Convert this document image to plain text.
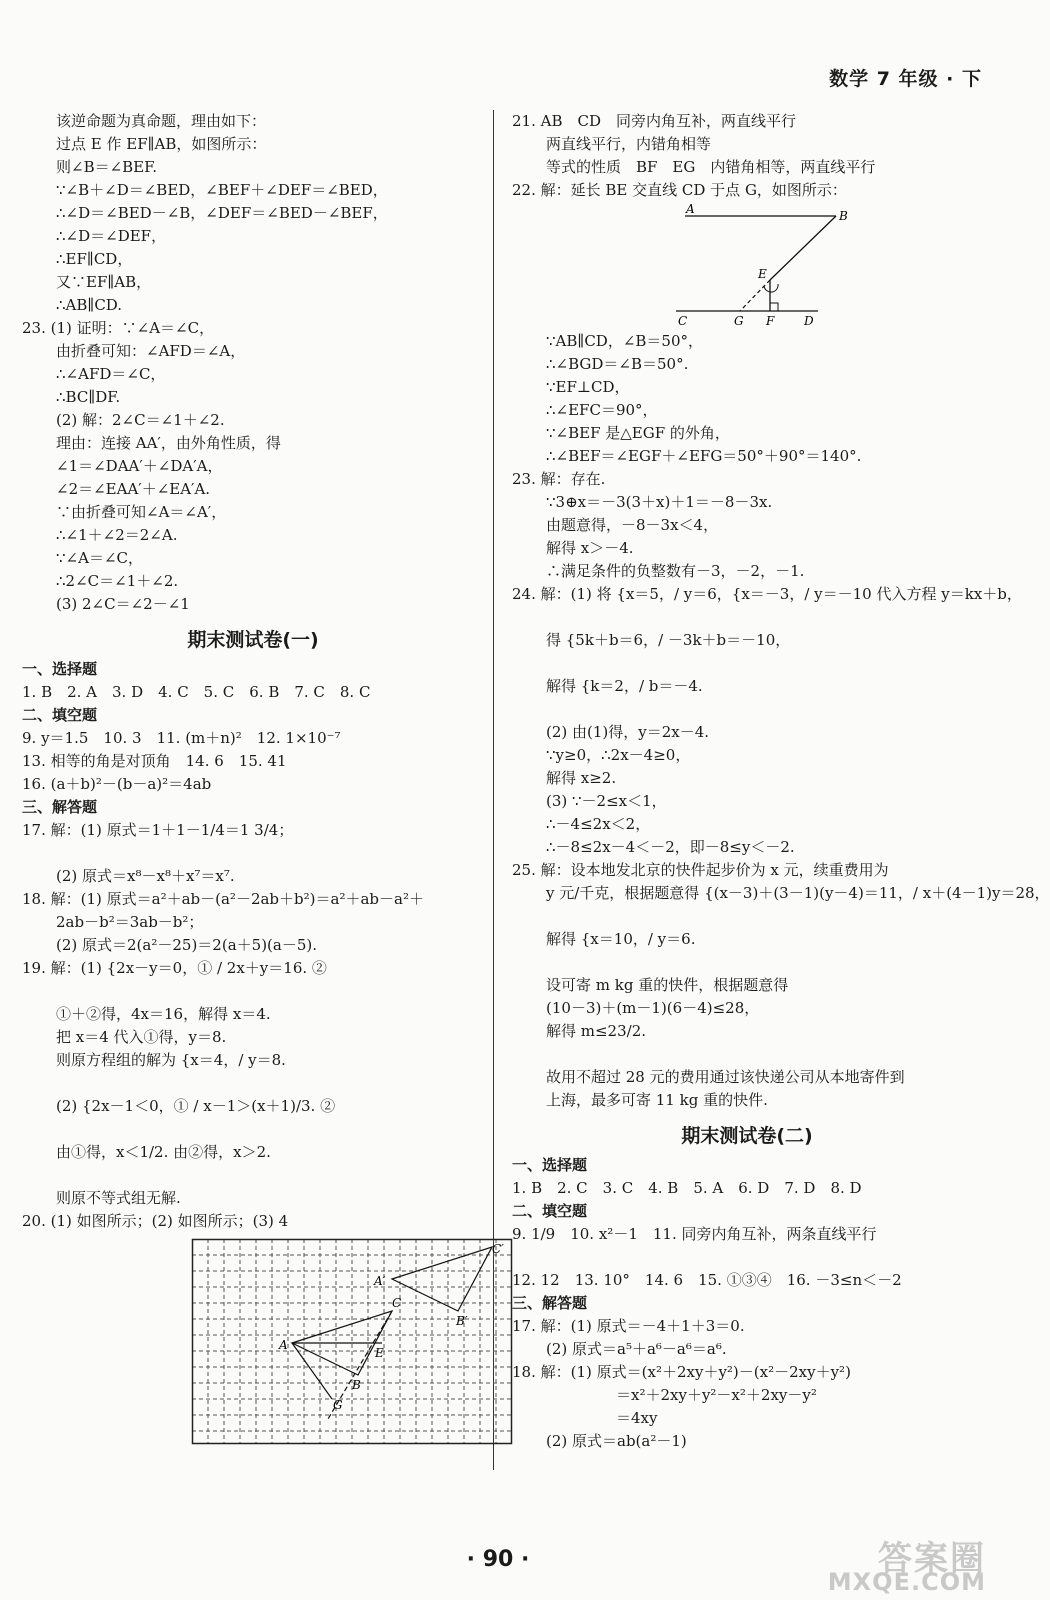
数学 7 年级 · 下
该逆命题为真命题，理由如下：
过点 E 作 EF∥AB，如图所示：
则∠B＝∠BEF.
∵∠B＋∠D＝∠BED，∠BEF＋∠DEF＝∠BED，
∴∠D＝∠BED－∠B，∠DEF＝∠BED－∠BEF，
∴∠D＝∠DEF，
∴EF∥CD，
又∵EF∥AB，
∴AB∥CD.
23. (1) 证明：∵∠A＝∠C，
由折叠可知：∠AFD＝∠A，
∴∠AFD＝∠C，
∴BC∥DF.
(2) 解：2∠C＝∠1＋∠2.
理由：连接 AA′，由外角性质，得
∠1＝∠DAA′＋∠DA′A，
∠2＝∠EAA′＋∠EA′A.
∵由折叠可知∠A＝∠A′，
∴∠1＋∠2＝2∠A.
∵∠A＝∠C，
∴2∠C＝∠1＋∠2.
(3) 2∠C＝∠2－∠1
期末测试卷(一)
一、选择题
1. B　2. A　3. D　4. C　5. C　6. B　7. C　8. C
二、填空题
9. y＝1.5　10. 3　11. (m＋n)²　12. 1×10⁻⁷
13. 相等的角是对顶角　14. 6　15. 41
16. (a＋b)²－(b－a)²＝4ab
三、解答题
17. 解：(1) 原式＝1＋1－1/4＝1 3/4；
(2) 原式＝x⁸－x⁸＋x⁷＝x⁷.
18. 解：(1) 原式＝a²＋ab－(a²－2ab＋b²)＝a²＋ab－a²＋
2ab－b²＝3ab－b²；
(2) 原式＝2(a²－25)＝2(a＋5)(a－5).
19. 解：(1) {2x－y＝0，① / 2x＋y＝16. ②
①＋②得，4x＝16，解得 x＝4.
把 x＝4 代入①得，y＝8.
则原方程组的解为 {x＝4，/ y＝8.
(2) {2x－1＜0，① / x－1＞(x＋1)/3. ②
由①得，x＜1/2. 由②得，x＞2.
则原不等式组无解.
20. (1) 如图所示；(2) 如图所示；(3) 4
A
B
C
E
G
A′
B′
C′
21. AB　CD　同旁内角互补，两直线平行
两直线平行，内错角相等
等式的性质　BF　EG　内错角相等，两直线平行
22. 解：延长 BE 交直线 CD 于点 G，如图所示：
A	B
E
C	G F D
∵AB∥CD，∠B＝50°，
∴∠BGD＝∠B＝50°.
∵EF⊥CD，
∴∠EFC＝90°，
∵∠BEF 是△EGF 的外角，
∴∠BEF＝∠EGF＋∠EFG＝50°＋90°＝140°.
23. 解：存在.
∵3⊕x＝－3(3＋x)＋1＝－8－3x.
由题意得，－8－3x＜4，
解得 x＞－4.
∴满足条件的负整数有－3，－2，－1.
24. 解：(1) 将 {x＝5，/ y＝6，{x＝－3，/ y＝－10 代入方程 y＝kx＋b，
得 {5k＋b＝6，/ －3k＋b＝－10，
解得 {k＝2，/ b＝－4.
(2) 由(1)得，y＝2x－4.
∵y≥0，∴2x－4≥0，
解得 x≥2.
(3) ∵－2≤x＜1，
∴－4≤2x＜2，
∴－8≤2x－4＜－2，即－8≤y＜－2.
25. 解：设本地发北京的快件起步价为 x 元，续重费用为
y 元/千克，根据题意得 {(x－3)＋(3－1)(y－4)＝11，/ x＋(4－1)y＝28，
解得 {x＝10，/ y＝6.
设可寄 m kg 重的快件，根据题意得
(10－3)＋(m－1)(6－4)≤28，
解得 m≤23/2.
故用不超过 28 元的费用通过该快递公司从本地寄件到
上海，最多可寄 11 kg 重的快件.
期末测试卷(二)
一、选择题
1. B　2. C　3. C　4. B　5. A　6. D　7. D　8. D
二、填空题
9. 1/9　10. x²－1　11. 同旁内角互补，两条直线平行
12. 12　13. 10°　14. 6　15. ①③④　16. －3≤n＜－2
三、解答题
17. 解：(1) 原式＝－4＋1＋3＝0.
(2) 原式＝a⁵＋a⁶－a⁶＝a⁶.
18. 解：(1) 原式＝(x²＋2xy＋y²)－(x²－2xy＋y²)
＝x²＋2xy＋y²－x²＋2xy－y²
＝4xy
(2) 原式＝ab(a²－1)
· 90 ·	答案圈
MXQE.COM
